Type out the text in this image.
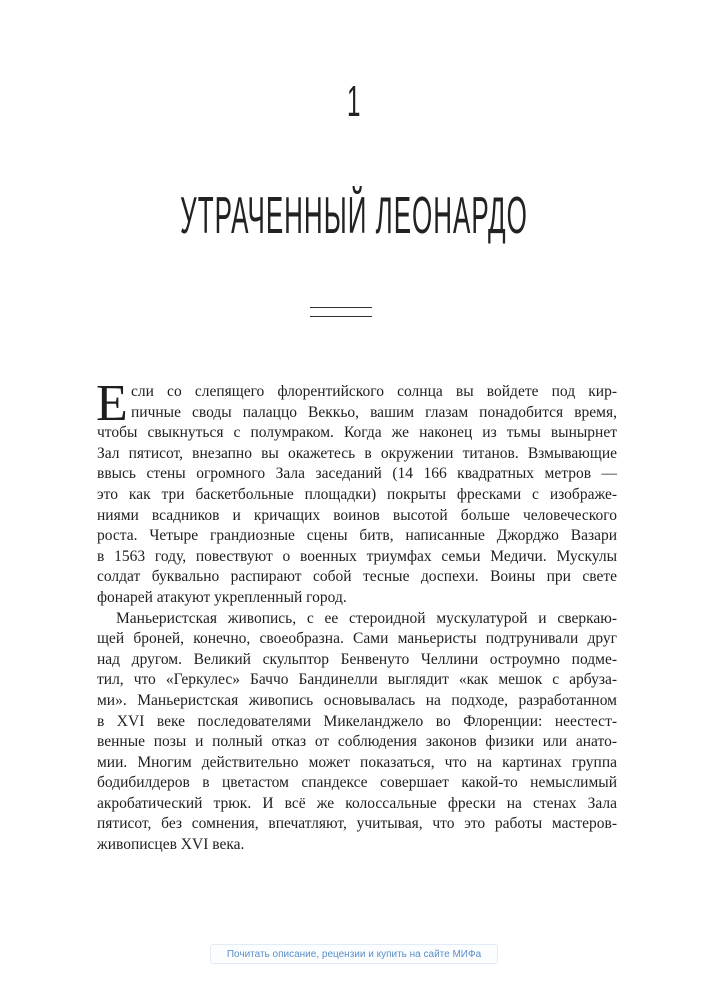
1
УТРАЧЕННЫЙ ЛЕОНАРДО
Е сли со слепящего флорентийского солнца вы войдете под кир-
пичные своды палаццо Веккьо, вашим глазам понадобится время,
чтобы свыкнуться с полумраком. Когда же наконец из тьмы вынырнет
Зал пятисот, внезапно вы окажетесь в окружении титанов. Взмывающие
ввысь стены огромного Зала заседаний (14 166 квадратных метров —
это как три баскетбольные площадки) покрыты фресками с изображе-
ниями всадников и кричащих воинов высотой больше человеческого
роста. Четыре грандиозные сцены битв, написанные Джорджо Вазари
в 1563 году, повествуют о военных триумфах семьи Медичи. Мускулы
солдат буквально распирают собой тесные доспехи. Воины при свете
фонарей атакуют укрепленный город.
Маньеристская живопись, с ее стероидной мускулатурой и сверкаю-
щей броней, конечно, своеобразна. Сами маньеристы подтрунивали друг
над другом. Великий скульптор Бенвенуто Челлини остроумно подме-
тил, что «Геркулес» Баччо Бандинелли выглядит «как мешок с арбуза-
ми». Маньеристская живопись основывалась на подходе, разработанном
в XVI веке последователями Микеланджело во Флоренции: неестест-
венные позы и полный отказ от соблюдения законов физики или анато-
мии. Многим действительно может показаться, что на картинах группа
бодибилдеров в цветастом спандексе совершает какой-то немыслимый
акробатический трюк. И всё же колоссальные фрески на стенах Зала
пятисот, без сомнения, впечатляют, учитывая, что это работы мастеров-
живописцев XVI века.
Почитать описание, рецензии и купить на сайте МИФа
